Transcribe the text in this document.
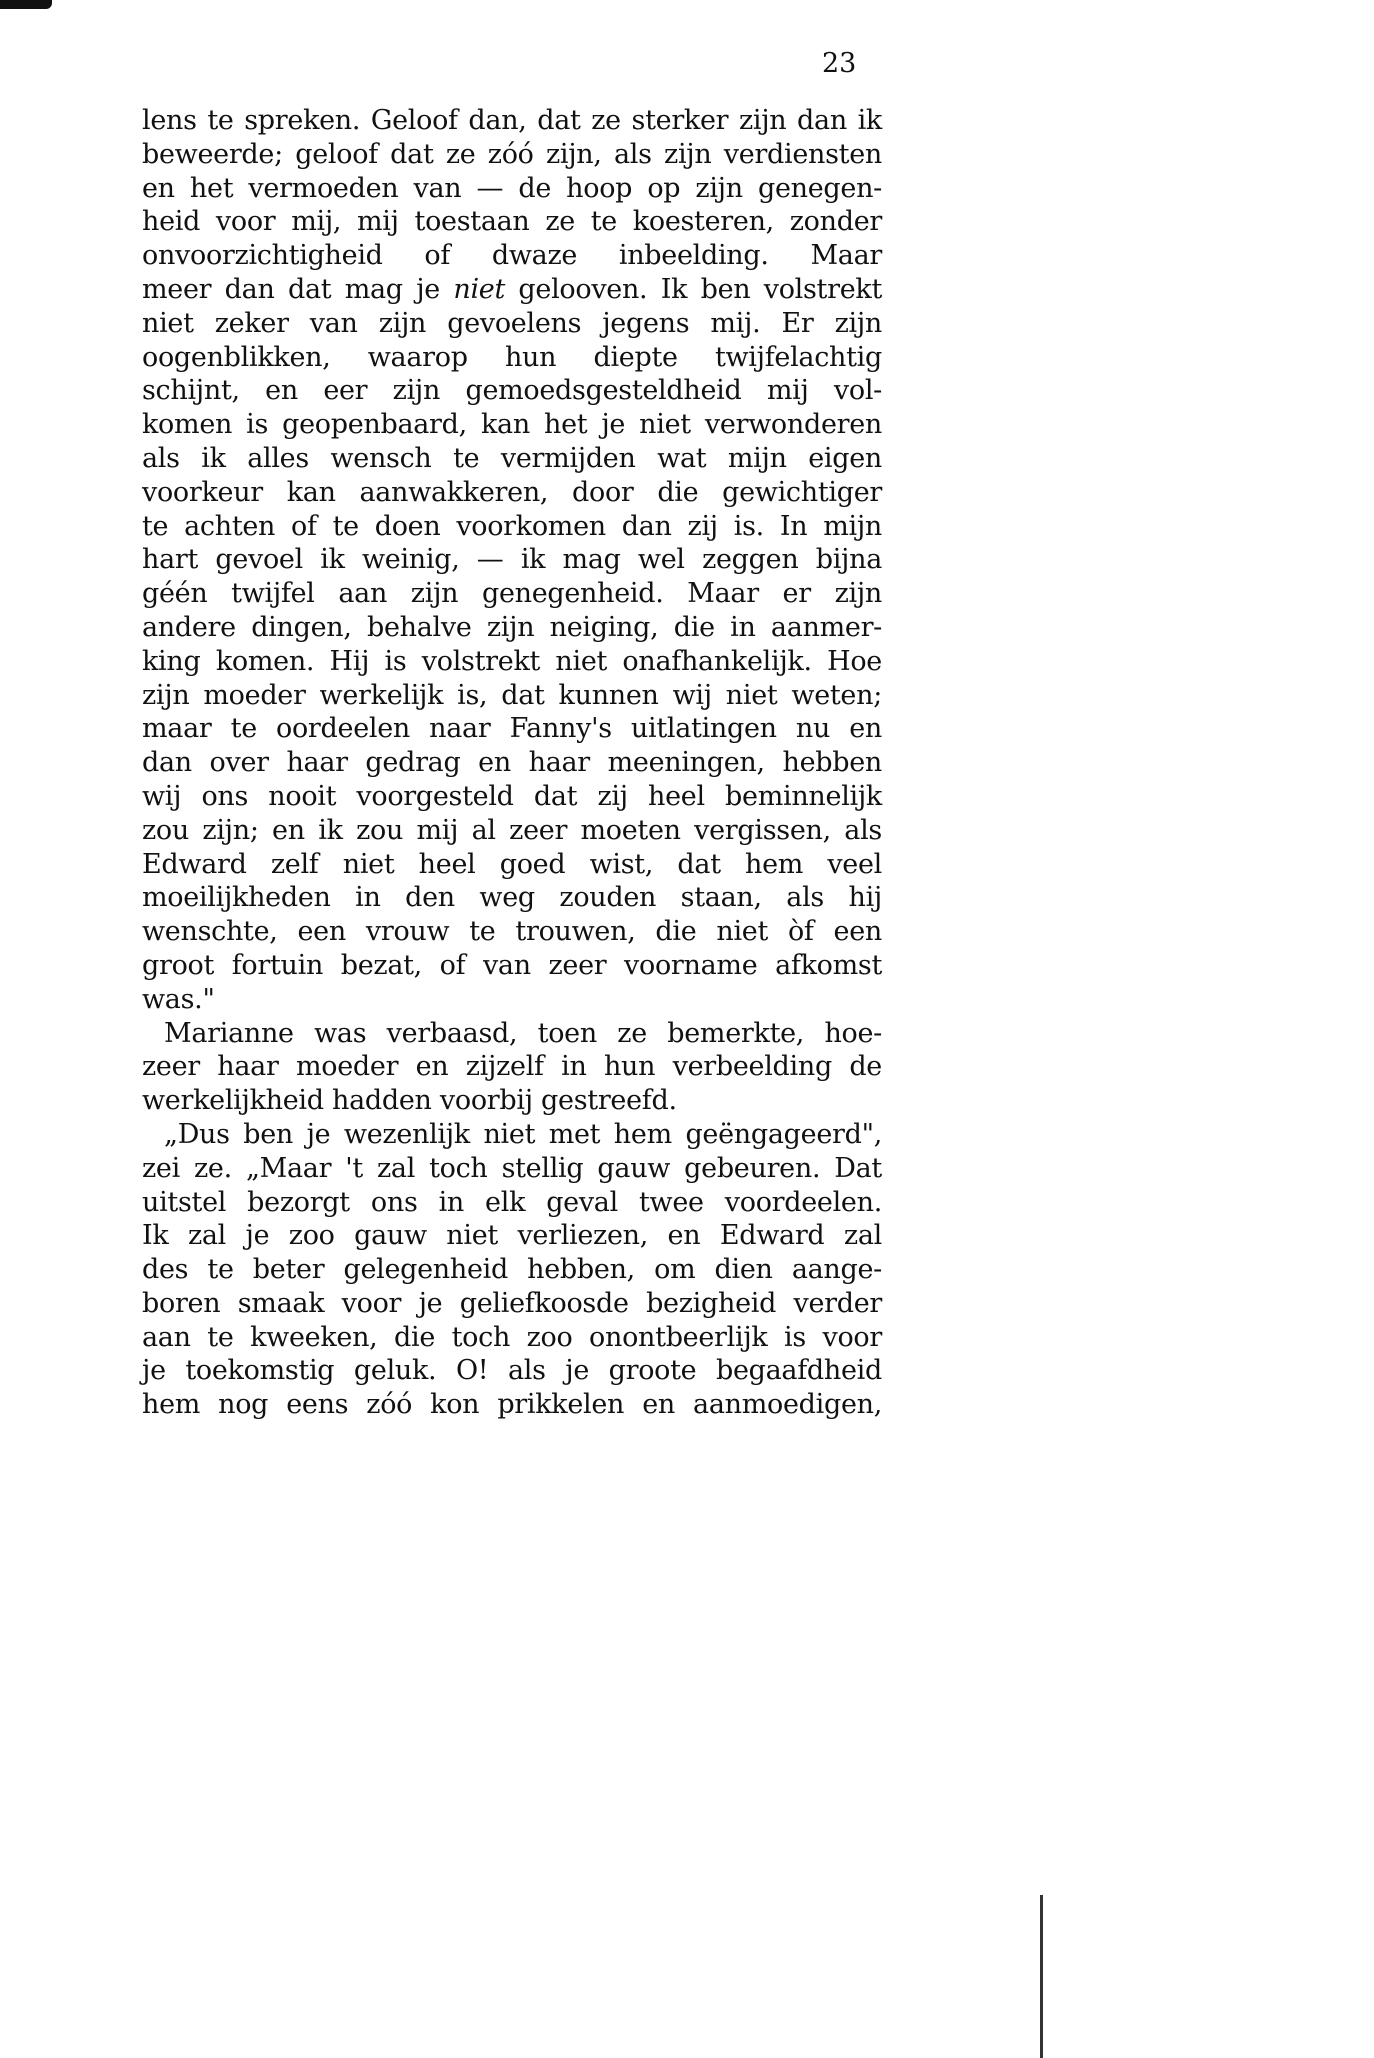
23
lens te spreken. Geloof dan, dat ze sterker zijn dan ik
beweerde; geloof dat ze zóó zijn, als zijn verdiensten
en het vermoeden van — de hoop op zijn genegen-
heid voor mij, mij toestaan ze te koesteren, zonder
onvoorzichtigheid of dwaze inbeelding. Maar
meer dan dat mag je niet gelooven. Ik ben volstrekt
niet zeker van zijn gevoelens jegens mij. Er zijn
oogenblikken, waarop hun diepte twijfelachtig
schijnt, en eer zijn gemoedsgesteldheid mij vol-
komen is geopenbaard, kan het je niet verwonderen
als ik alles wensch te vermijden wat mijn eigen
voorkeur kan aanwakkeren, door die gewichtiger
te achten of te doen voorkomen dan zij is. In mijn
hart gevoel ik weinig, — ik mag wel zeggen bijna
géén twijfel aan zijn genegenheid. Maar er zijn
andere dingen, behalve zijn neiging, die in aanmer-
king komen. Hij is volstrekt niet onafhankelijk. Hoe
zijn moeder werkelijk is, dat kunnen wij niet weten;
maar te oordeelen naar Fanny's uitlatingen nu en
dan over haar gedrag en haar meeningen, hebben
wij ons nooit voorgesteld dat zij heel beminnelijk
zou zijn; en ik zou mij al zeer moeten vergissen, als
Edward zelf niet heel goed wist, dat hem veel
moeilijkheden in den weg zouden staan, als hij
wenschte, een vrouw te trouwen, die niet òf een
groot fortuin bezat, of van zeer voorname afkomst
was."
Marianne was verbaasd, toen ze bemerkte, hoe-
zeer haar moeder en zijzelf in hun verbeelding de
werkelijkheid hadden voorbij gestreefd.
„Dus ben je wezenlijk niet met hem geëngageerd",
zei ze. „Maar 't zal toch stellig gauw gebeuren. Dat
uitstel bezorgt ons in elk geval twee voordeelen.
Ik zal je zoo gauw niet verliezen, en Edward zal
des te beter gelegenheid hebben, om dien aange-
boren smaak voor je geliefkoosde bezigheid verder
aan te kweeken, die toch zoo onontbeerlijk is voor
je toekomstig geluk. O! als je groote begaafdheid
hem nog eens zóó kon prikkelen en aanmoedigen,
